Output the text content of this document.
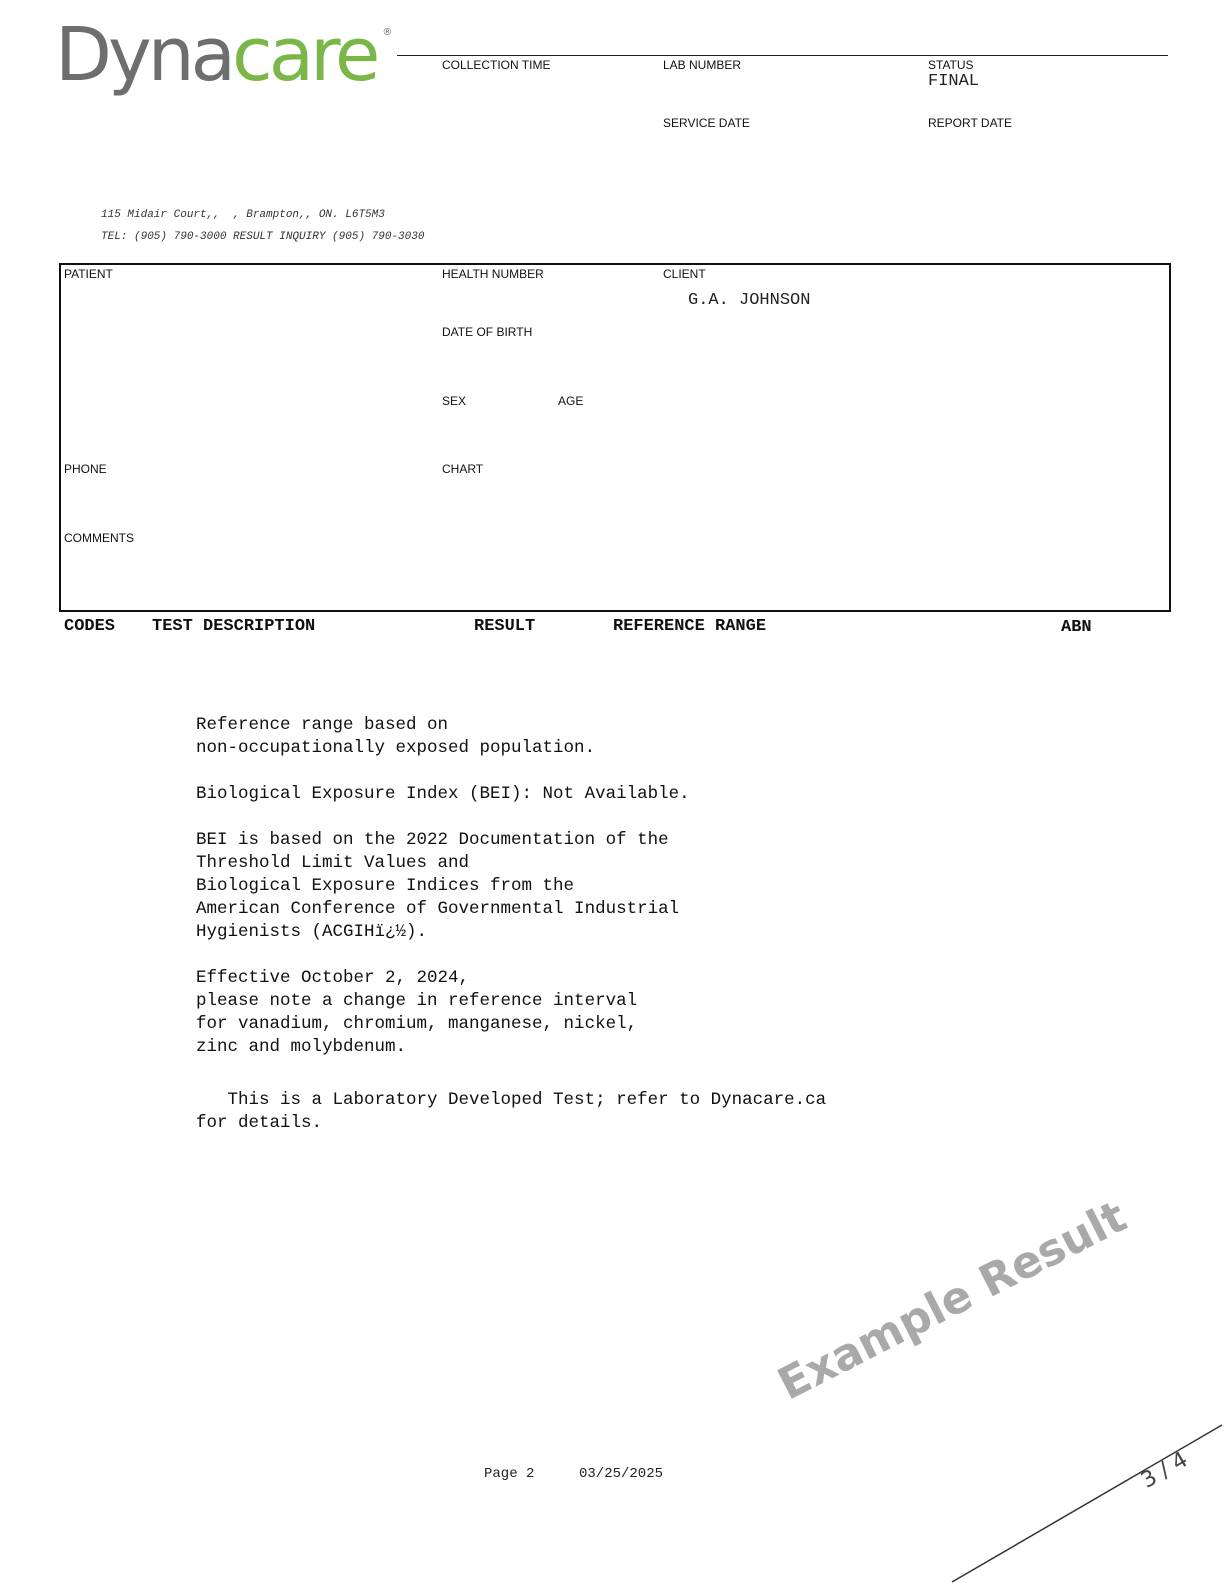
Dynacare ®
COLLECTION TIME	LAB NUMBER	STATUS
FINAL
SERVICE DATE	REPORT DATE
115 Midair Court,,  , Brampton,, ON. L6T5M3
TEL: (905) 790-3000 RESULT INQUIRY (905) 790-3030
PATIENT	HEALTH NUMBER	CLIENT
G.A. JOHNSON
DATE OF BIRTH
SEX	AGE
PHONE	CHART
COMMENTS
CODES TEST DESCRIPTION	RESULT	REFERENCE RANGE	ABN

Reference range based on

non-occupationally exposed population.

Biological Exposure Index (BEI): Not Available.

BEI is based on the 2022 Documentation of the

Threshold Limit Values and

Biological Exposure Indices from the

American Conference of Governmental Industrial

Hygienists (ACGIHï¿½).

Effective October 2, 2024,

please note a change in reference interval

for vanadium, chromium, manganese, nickel,

zinc and molybdenum.

This is a Laboratory Developed Test; refer to Dynacare.ca

for details.

Example Result
Page 2	03/25/2025	3 / 4
